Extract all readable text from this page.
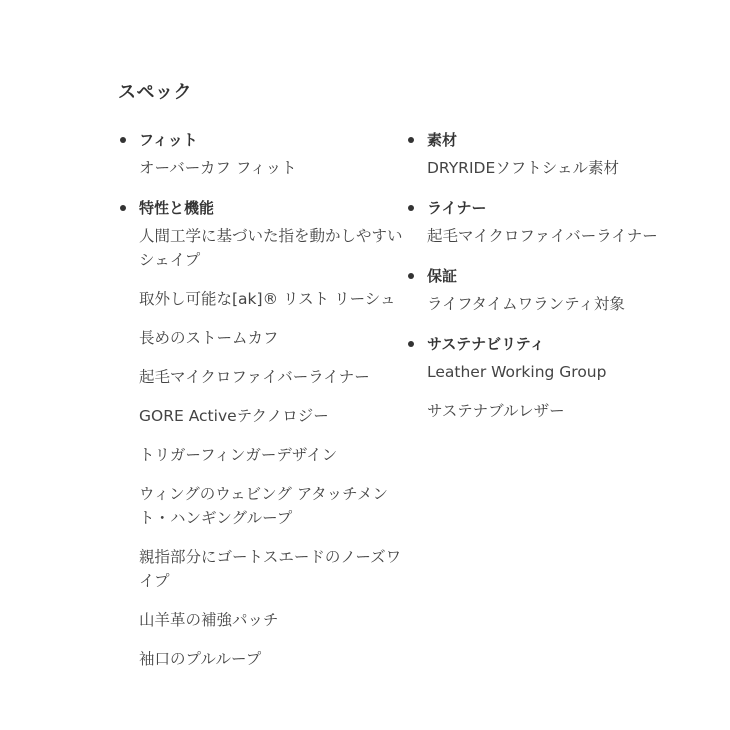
スペック
フィット
オーバーカフ フィット
特性と機能
人間工学に基づいた指を動かしやすいシェイプ
取外し可能な[ak]® リスト リーシュ
長めのストームカフ
起毛マイクロファイバーライナー
GORE Activeテクノロジー
トリガーフィンガーデザイン
ウィングのウェビング アタッチメント・ハンギングループ
親指部分にゴートスエードのノーズワイプ
山羊革の補強パッチ
袖口のプルループ
素材
DRYRIDEソフトシェル素材
ライナー
起毛マイクロファイバーライナー
保証
ライフタイムワランティ対象
サステナビリティ
Leather Working Group
サステナブルレザー
